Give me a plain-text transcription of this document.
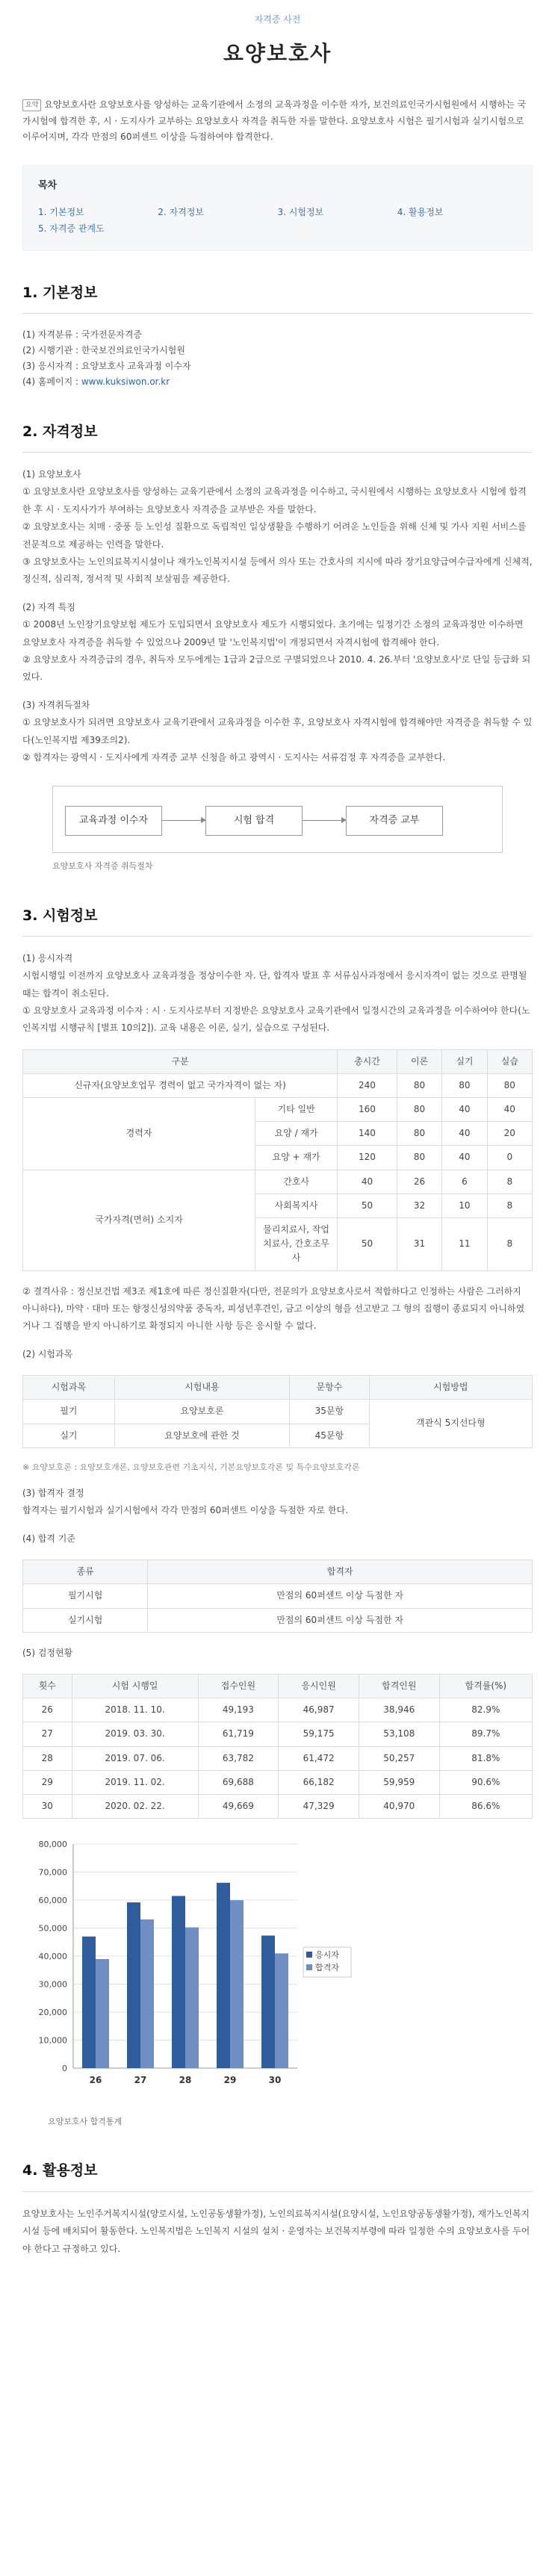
자격증 사전
요양보호사
요약 요양보호사란 요양보호사를 양성하는 교육기관에서 소정의 교육과정을 이수한 자가, 보건의료인국가시험원에서 시행하는 국가시험에 합격한 후, 시 · 도지사가 교부하는 요양보호사 자격을 취득한 자를 말한다. 요양보호사 시험은 필기시험과 실기시험으로 이루어지며, 각각 만점의 60퍼센트 이상을 득점하여야 합격한다.
목차
1. 기본정보	2. 자격정보	3. 시험정보	4. 활용정보
5. 자격증 관계도
1. 기본정보
(1) 자격분류 : 국가전문자격증
(2) 시행기관 : 한국보건의료인국가시험원
(3) 응시자격 : 요양보호사 교육과정 이수자
(4) 홈페이지 : www.kuksiwon.or.kr
2. 자격정보
(1) 요양보호사
① 요양보호사란 요양보호사를 양성하는 교육기관에서 소정의 교육과정을 이수하고, 국시원에서 시행하는 요양보호사 시험에 합격한 후 시 · 도지사가가 부여하는 요양보호사 자격증을 교부받은 자를 말한다.
② 요양보호사는 치매 · 중풍 등 노인성 질환으로 독립적인 일상생활을 수행하기 어려운 노인들을 위해 신체 및 가사 지원 서비스를 전문적으로 제공하는 인력을 말한다.
③ 요양보호사는 노인의료복지시설이나 재가노인복지시설 등에서 의사 또는 간호사의 지시에 따라 장기요양급여수급자에게 신체적, 정신적, 심리적, 정서적 및 사회적 보살핌을 제공한다.
(2) 자격 특징
① 2008년 노인장기요양보험 제도가 도입되면서 요양보호사 제도가 시행되었다. 초기에는 일정기간 소정의 교육과정만 이수하면 요양보호사 자격증을 취득할 수 있었으나 2009년 말 '노인복지법'이 개정되면서 자격시험에 합격해야 한다.
② 요양보호사 자격증급의 경우, 취득자 모두에게는 1급과 2급으로 구별되었으나 2010. 4. 26.부터 '요양보호사'로 단일 등급화 되었다.
(3) 자격취득절차
① 요양보호사가 되려면 요양보호사 교육기관에서 교육과정을 이수한 후, 요양보호사 자격시험에 합격해야만 자격증을 취득할 수 있다(노인복지법 제39조의2).
② 합격자는 광역시 · 도지사에게 자격증 교부 신청을 하고 광역시 · 도지사는 서류검정 후 자격증을 교부한다.
교육과정 이수자	시험 합격	자격증 교부
요양보호사 자격증 취득절차
3. 시험정보
(1) 응시자격
시험시행일 이전까지 요양보호사 교육과정을 정상이수한 자. 단, 합격자 발표 후 서류심사과정에서 응시자격이 없는 것으로 판명될 때는 합격이 취소된다.
① 요양보호사 교육과정 이수자 : 시 · 도지사로부터 지정받은 요양보호사 교육기관에서 일정시간의 교육과정을 이수하여야 한다(노인복지법 시행규칙 [별표 10의2]). 교육 내용은 이론, 실기, 실습으로 구성된다.
구분		총시간	이론	실기	실습
신규자(요양보호업무 경력이 없고 국가자격이 없는 자)		240	80	80	80
경력자	기타 일반	160	80	40	40
	요양 / 재가	140	80	40	20
	요양 + 재가	120	80	40	0
국가자격(면허) 소지자	간호사	40	26	6	8
	사회복지사	50	32	10	8
	물리치료사, 작업치료사, 간호조무사	50	31	11	8
② 결격사유 : 정신보건법 제3조 제1호에 따른 정신질환자(다만, 전문의가 요양보호사로서 적합하다고 인정하는 사람은 그러하지 아니하다), 마약 · 대마 또는 향정신성의약품 중독자, 피성년후견인, 금고 이상의 형을 선고받고 그 형의 집행이 종료되지 아니하였거나 그 집행을 받지 아니하기로 확정되지 아니한 사항 등은 응시할 수 없다.
(2) 시험과목
시험과목	시험내용	문항수	시험방법
필기	요양보호론	35문항	객관식 5지선다형
실기	요양보호에 관한 것	45문항	
※ 요양보호론 : 요양보호개론, 요양보호관련 기초지식, 기본요양보호각론 및 특수요양보호각론
(3) 합격자 결정
합격자는 필기시험과 실기시험에서 각각 만점의 60퍼센트 이상을 득점한 자로 한다.
(4) 합격 기준
종류	합격자
필기시험	만점의 60퍼센트 이상 득점한 자
실기시험	만점의 60퍼센트 이상 득점한 자
(5) 검정현황
횟수	시험 시행일	접수인원	응시인원	합격인원	합격률(%)
26	2018. 11. 10.	49,193	46,987	38,946	82.9%
27	2019. 03. 30.	61,719	59,175	53,108	89.7%
28	2019. 07. 06.	63,782	61,472	50,257	81.8%
29	2019. 11. 02.	69,688	66,182	59,959	90.6%
30	2020. 02. 22.	49,669	47,329	40,970	86.6%
0
10,000
20,000
30,000
40,000
50,000
60,000
70,000
80,000
26	27	28	29	30
응시자
합격자
요양보호사 합격통계
4. 활용정보
요양보호사는 노인주거복지시설(양로시설, 노인공동생활가정), 노인의료복지시설(요양시설, 노인요양공동생활가정), 재가노인복지시설 등에 배치되어 활동한다. 노인복지법은 노인복지 시설의 설치 · 운영자는 보건복지부령에 따라 일정한 수의 요양보호사를 두어야 한다고 규정하고 있다.
